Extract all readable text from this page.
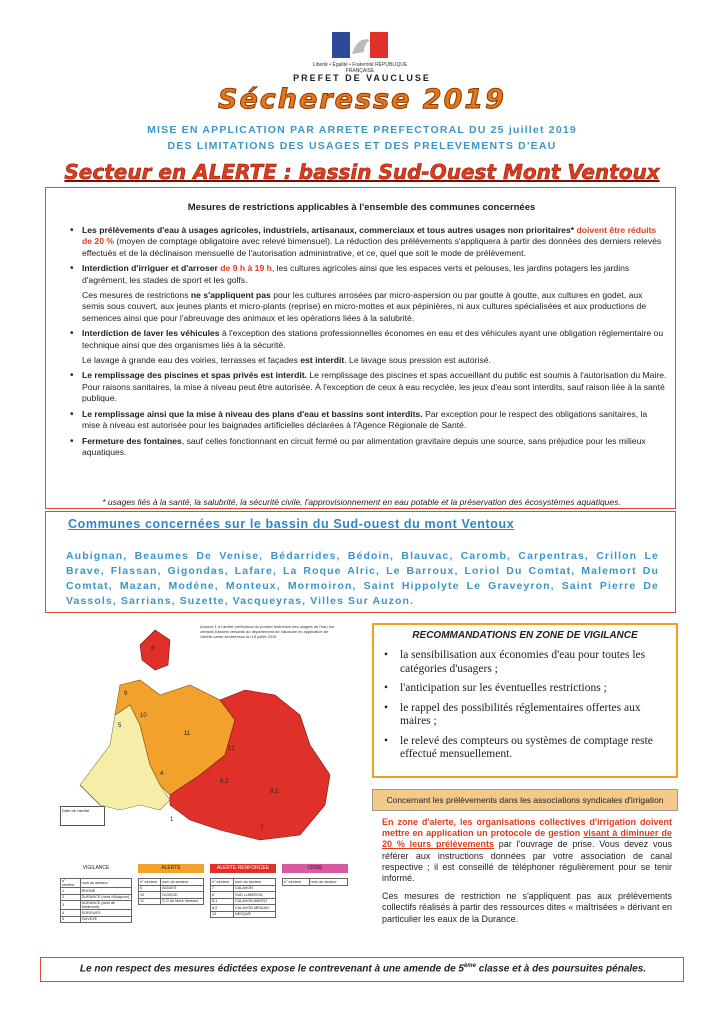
Liberté • Égalité • Fraternité RÉPUBLIQUE FRANÇAISE
PREFET DE VAUCLUSE
Sécheresse 2019
MISE EN APPLICATION PAR ARRETE PREFECTORAL DU 25 juillet 2019
DES LIMITATIONS DES USAGES ET DES PRELEVEMENTS D'EAU
Secteur en ALERTE : bassin Sud-Ouest Mont Ventoux
Mesures de restrictions applicables à l'ensemble des communes concernées

• Les prélèvements d'eau à usages agricoles, industriels, artisanaux, commerciaux et tous autres usages non prioritaires* doivent être réduits de 20 % (moyen de comptage obligatoire avec relevé bimensuel). La réduction des prélèvements s'appliquera à partir des données des derniers relevés effectués et de la déclinaison mensuelle de l'autorisation administrative, et ce, quel que soit le mode de prélèvement.

• Interdiction d'irriguer et d'arroser de 9 h à 19 h, les cultures agricoles ainsi que les espaces verts et pelouses, les jardins potagers les jardins d'agrément, les stades de sport et les golfs.

Ces mesures de restrictions ne s'appliquent pas pour les cultures arrosées par micro-aspersion ou par goutte à goutte, aux cultures en godet, aux semis sous couvert, aux jeunes plants et micro-plants (reprise) en micro-mottes et aux pépinières, ni aux cultures spécialisées et aux productions de semences ainsi que pour l'abreuvage des animaux et les opérations liées à la salubrité.

• Interdiction de laver les véhicules à l'exception des stations professionnelles économes en eau et des véhicules ayant une obligation réglementaire ou technique ainsi que des organismes liés à la sécurité.

Le lavage à grande eau des voiries, terrasses et façades est interdit. Le lavage sous pression est autorisé.

• Le remplissage des piscines et spas privés est interdit. Le remplissage des piscines et spas accueillant du public est soumis à l'autorisation du Maire. Pour raisons sanitaires, la mise à niveau peut être autorisée. À l'exception de ceux à eau recyclée, les jeux d'eau sont interdits, sauf raison liée à la santé publique.

• Le remplissage ainsi que la mise à niveau des plans d'eau et bassins sont interdits. Par exception pour le respect des obligations sanitaires, la mise à niveau est autorisée pour les baignades artificielles déclarées à l'Agence Régionale de Santé.

• Fermeture des fontaines, sauf celles fonctionnant en circuit fermé ou par alimentation gravitaire depuis une source, sans préjudice pour les milieux aquatiques.

* usages liés à la santé, la salubrité, la sécurité civile, l'approvisionnement en eau potable et la préservation des écosystèmes aquatiques.
Communes concernées sur le bassin du Sud-ouest du mont Ventoux
Aubignan, Beaumes De Venise, Bédarrides, Bédoin, Blauvac, Caromb, Carpentras, Crillon Le Brave, Flassan, Gigondas, Lafare, La Roque Alric, Le Barroux, Loriol Du Comtat, Malemort Du Comtat, Mazan, Modéne, Monteux, Mormoiron, Saint Hippolyte Le Graveyron, Saint Pierre De Vassols, Sarrians, Suzette, Vacqueyras, Villes Sur Auzon.
Annexe 1 à l'arrêté préfectoral du portant restriction des usages de l'eau sur certains bassins versants du département de Vaucluse en application de l'arrêté-cadre sécheresse du 15 juillet 2019
Date de l'arrêté
6
9
10
5
11
12
4
8.2
8.1
1
7
VIGILANCE	ALERTE	ALERTE RENFORCEE	CRISE
n° secteur	nom du secteur
1	RHONE
2	DURANCE (nord d'Avignon)
3	DURANCE (aval de Mallemort)
4	SORGUES
5	OUVEZE
n° secteur	nom du secteur
6	AIGUES
10	OUVEZE
11	S-O du Mont Ventoux
n° secteur	nom du secteur
7	CALAVON
8	SUD LUBERON
8.1	CALAVON AMONT
8.2	CALAVON MEDIAN
12	NESQUE
n° secteur	nom du secteur
RECOMMANDATIONS EN ZONE DE VIGILANCE
• la sensibilisation aux économies d'eau pour toutes les catégories d'usagers ;
• l'anticipation sur les éventuelles restrictions ;
• le rappel des possibilités réglementaires offertes aux maires ;
• le relevé des compteurs ou systèmes de comptage reste effectué mensuellement.
Concernant les prélèvements dans les associations syndicales d'irrigation

En zone d'alerte, les organisations collectives d'irrigation doivent mettre en application un protocole de gestion visant à diminuer de 20 % leurs prélèvements par l'ouvrage de prise. Vous devez vous référer aux instructions données par votre association de canal respective ; il est conseillé de téléphoner régulièrement pour se tenir informé.

Ces mesures de restriction ne s'appliquent pas aux prélèvements collectifs réalisés à partir des ressources dites « maîtrisées » dérivant en particulier les eaux de la Durance.

Le non respect des mesures édictées expose le contrevenant à une amende de 5ème classe et à des poursuites pénales.
